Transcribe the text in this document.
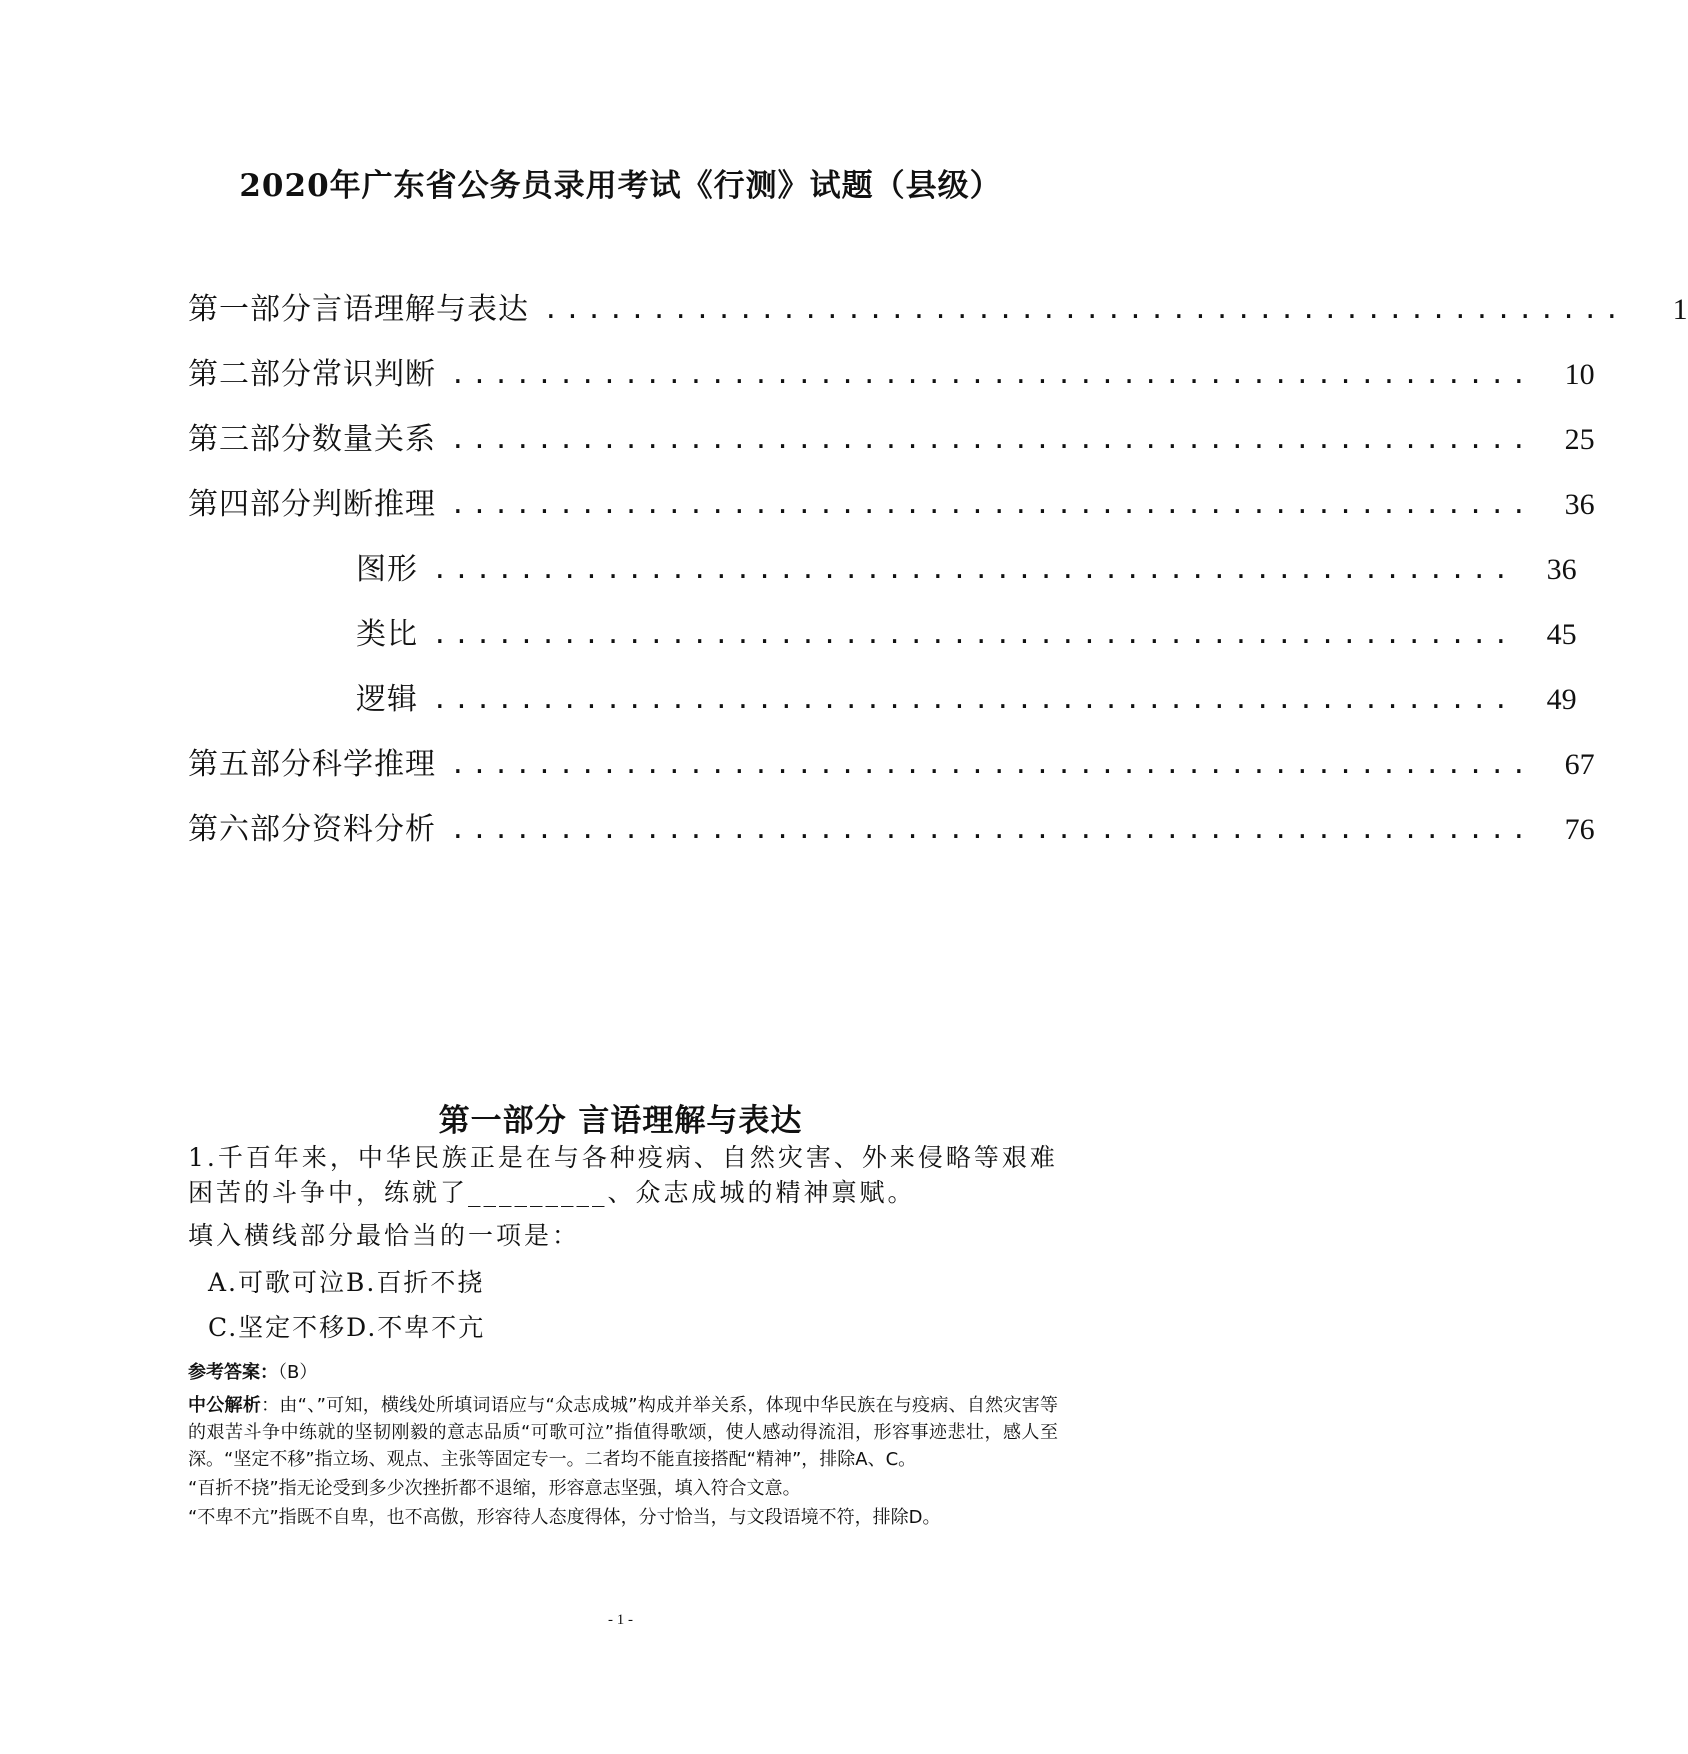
2020年广东省公务员录用考试《行测》试题（县级）
第一部分言语理解与表达 ..................................................	1
第二部分常识判断 ..................................................	10
第三部分数量关系 ..................................................	25
第四部分判断推理 ..................................................	36
图形 ..................................................	36
类比 ..................................................	45
逻辑 ..................................................	49
第五部分科学推理 ..................................................	67
第六部分资料分析 ..................................................	76
第一部分 言语理解与表达

1.千百年来，中华民族正是在与各种疫病、自然灾害、外来侵略等艰难困苦的斗争中，练就了_________、众志成城的精神禀赋。

填入横线部分最恰当的一项是：

A.可歌可泣B.百折不挠

C.坚定不移D.不卑不亢

参考答案：（B）

中公解析：由“、”可知，横线处所填词语应与“众志成城”构成并举关系，体现中华民族在与疫病、自然灾害等的艰苦斗争中练就的坚韧刚毅的意志品质“可歌可泣”指值得歌颂，使人感动得流泪，形容事迹悲壮，感人至深。“坚定不移”指立场、观点、主张等固定专一。二者均不能直接搭配“精神”，排除A、C。

“百折不挠”指无论受到多少次挫折都不退缩，形容意志坚强，填入符合文意。

“不卑不亢”指既不自卑，也不高傲，形容待人态度得体，分寸恰当，与文段语境不符，排除D。

- 1 -
